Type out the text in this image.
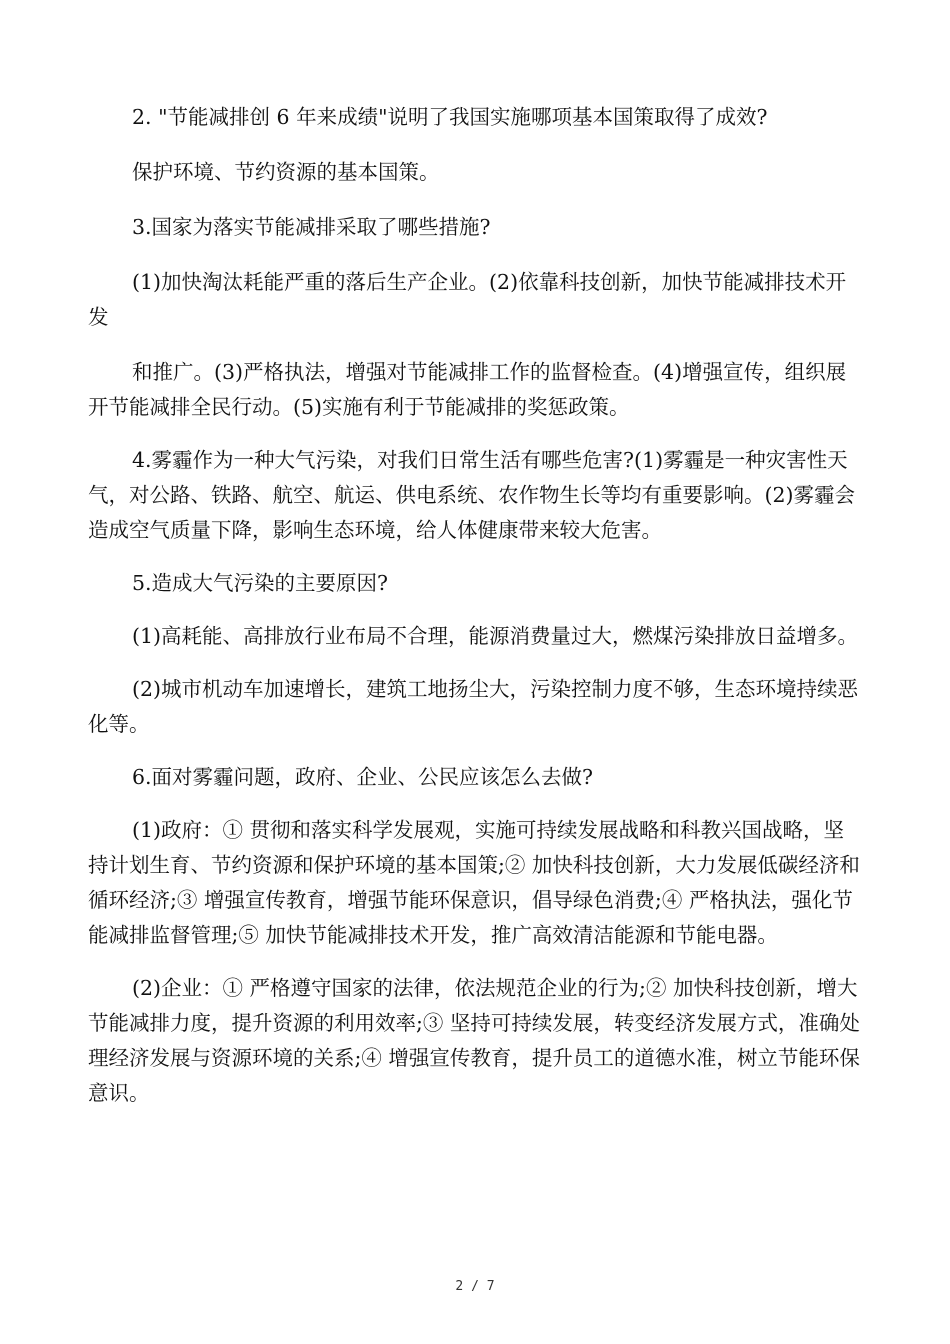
2. "节能减排创 6 年来成绩"说明了我国实施哪项基本国策取得了成效?

保护环境、节约资源的基本国策。

3.国家为落实节能减排采取了哪些措施?

(1)加快淘汰耗能严重的落后生产企业。(2)依靠科技创新，加快节能减排技术开发

和推广。(3)严格执法，增强对节能减排工作的监督检查。(4)增强宣传，组织展开节能减排全民行动。(5)实施有利于节能减排的奖惩政策。

4.雾霾作为一种大气污染，对我们日常生活有哪些危害?(1)雾霾是一种灾害性天气，对公路、铁路、航空、航运、供电系统、农作物生长等均有重要影响。(2)雾霾会造成空气质量下降，影响生态环境，给人体健康带来较大危害。

5.造成大气污染的主要原因?

(1)高耗能、高排放行业布局不合理，能源消费量过大，燃煤污染排放日益增多。

(2)城市机动车加速增长，建筑工地扬尘大，污染控制力度不够，生态环境持续恶化等。

6.面对雾霾问题，政府、企业、公民应该怎么去做?

(1)政府：① 贯彻和落实科学发展观，实施可持续发展战略和科教兴国战略，坚持计划生育、节约资源和保护环境的基本国策;② 加快科技创新，大力发展低碳经济和循环经济;③ 增强宣传教育，增强节能环保意识，倡导绿色消费;④ 严格执法，强化节能减排监督管理;⑤ 加快节能减排技术开发，推广高效清洁能源和节能电器。

(2)企业：① 严格遵守国家的法律，依法规范企业的行为;② 加快科技创新，增大节能减排力度，提升资源的利用效率;③ 坚持可持续发展，转变经济发展方式，准确处理经济发展与资源环境的关系;④ 增强宣传教育，提升员工的道德水准，树立节能环保意识。

2 / 7
